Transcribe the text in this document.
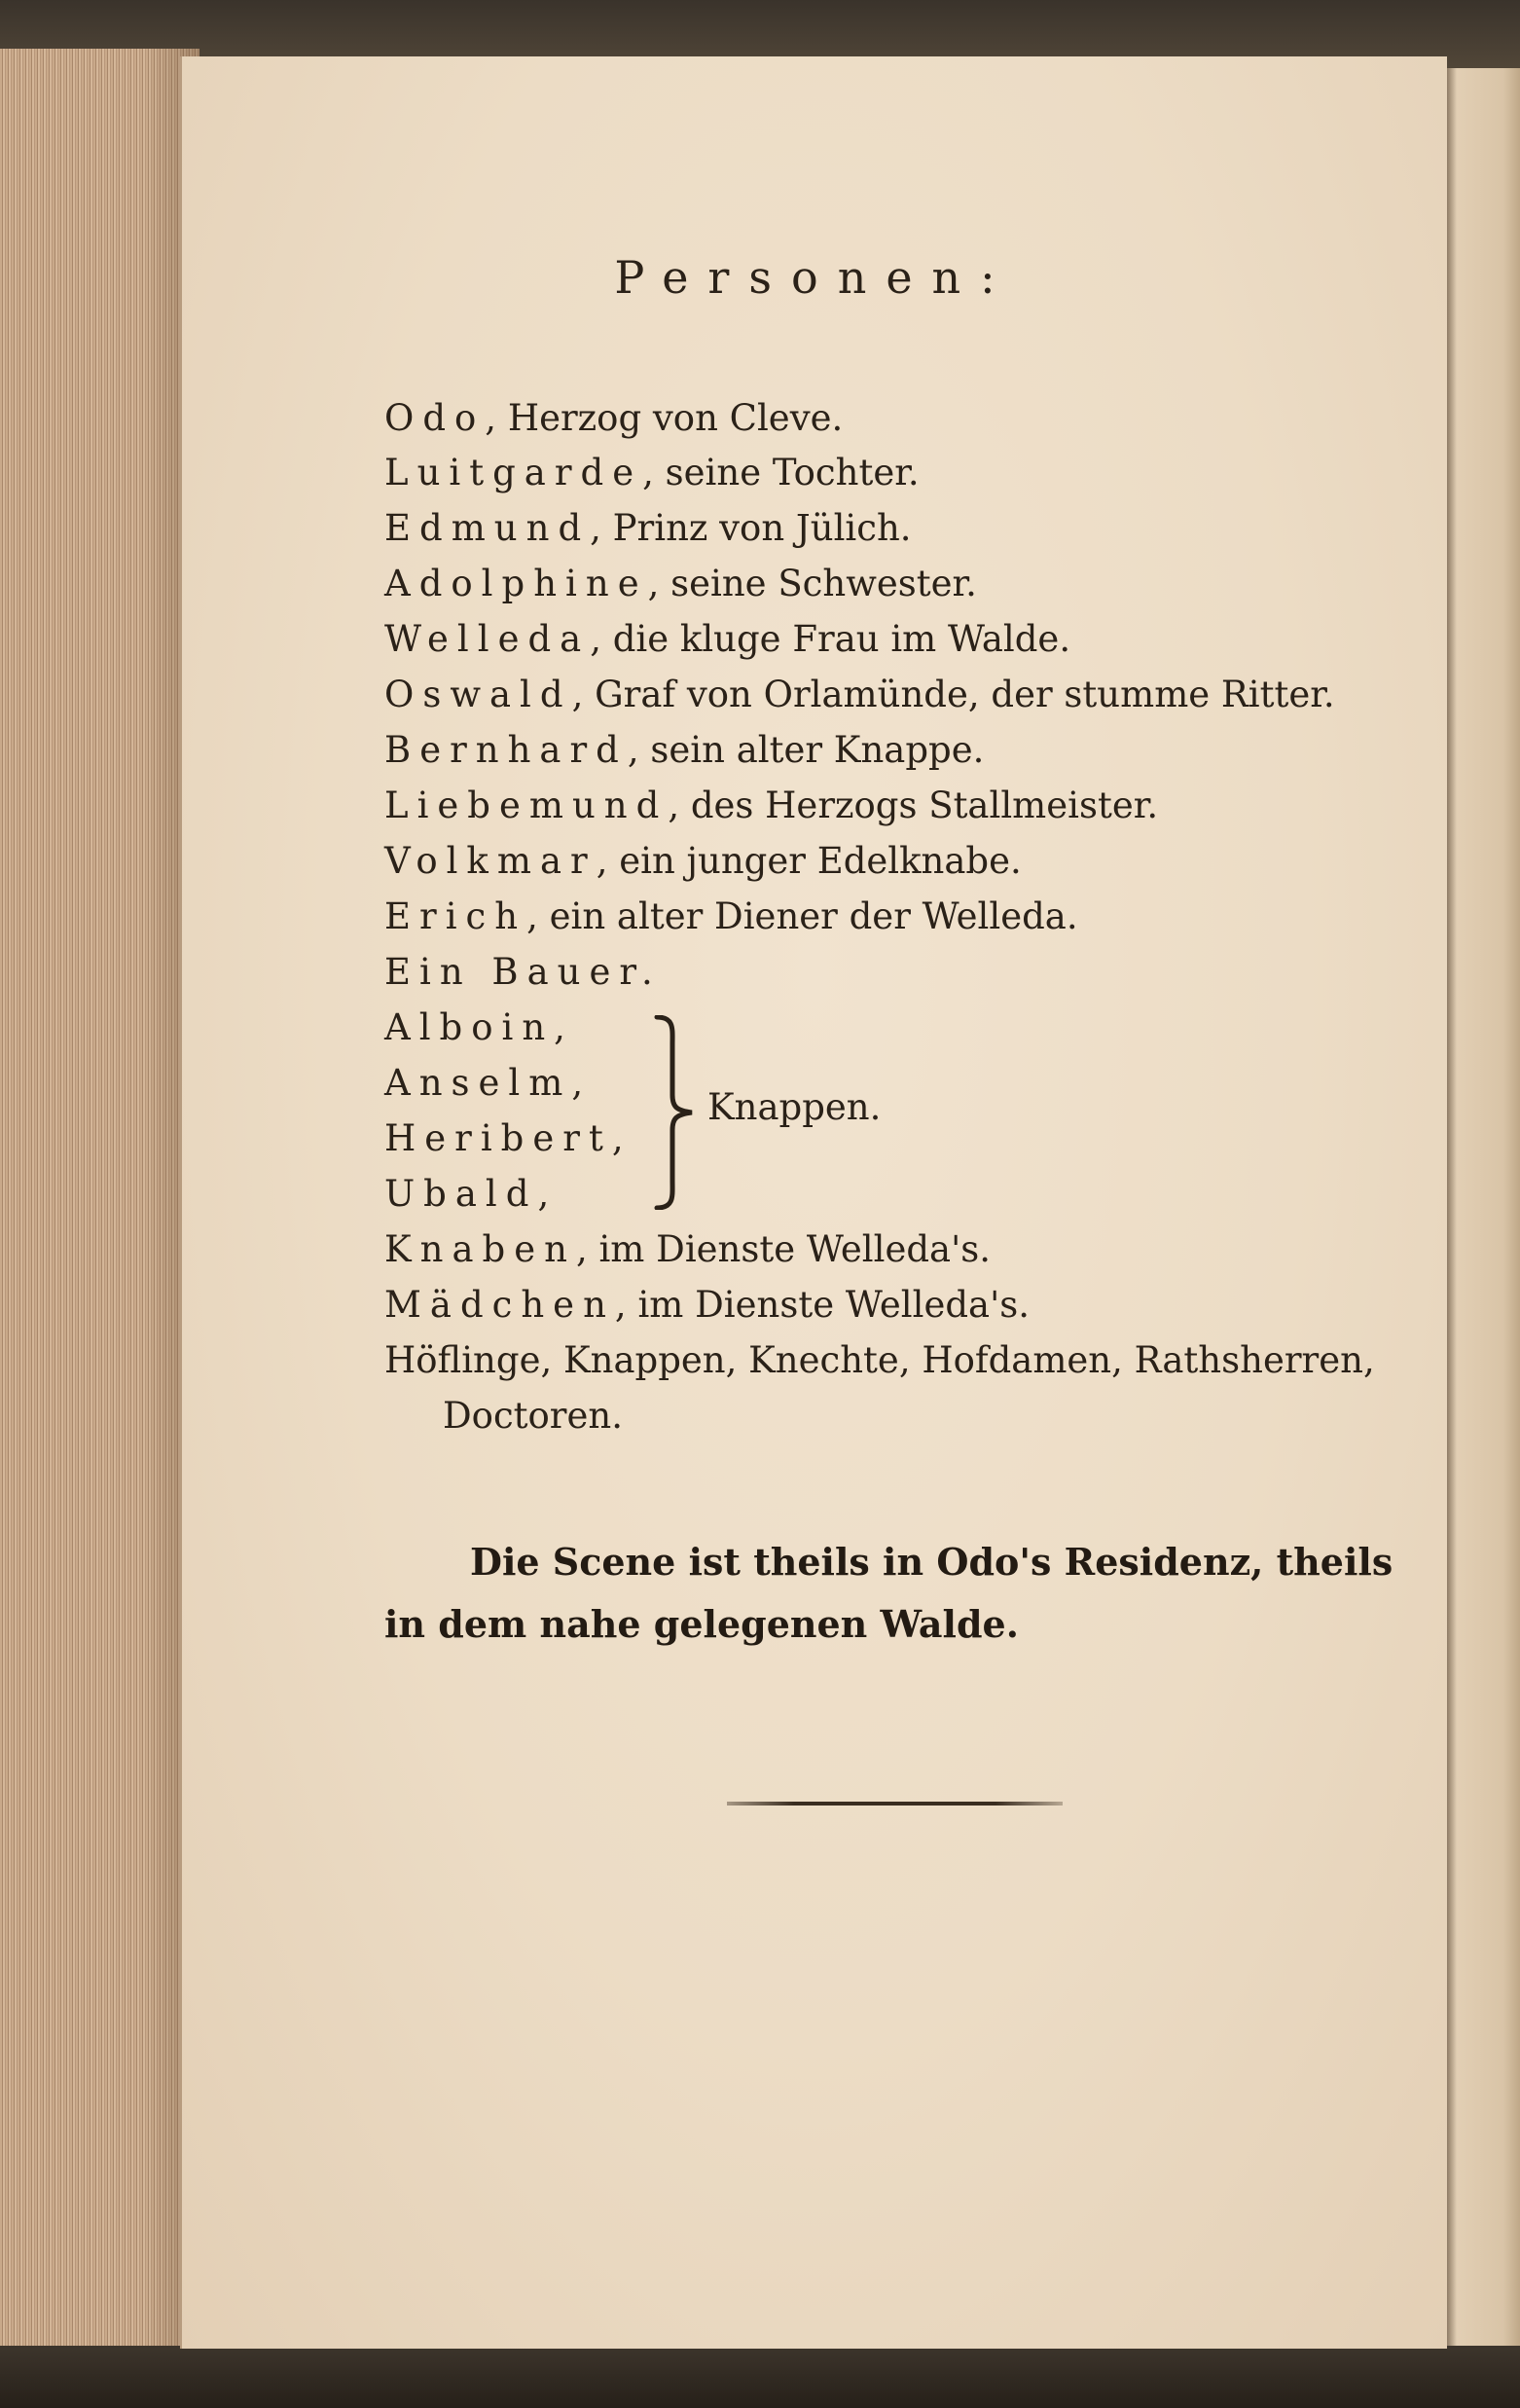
Personen:
Odo, Herzog von Cleve.
Luitgarde, seine Tochter.
Edmund, Prinz von Jülich.
Adolphine, seine Schwester.
Welleda, die kluge Frau im Walde.
Oswald, Graf von Orlamünde, der stumme Ritter.
Bernhard, sein alter Knappe.
Liebemund, des Herzogs Stallmeister.
Volkmar, ein junger Edelknabe.
Erich, ein alter Diener der Welleda.
Ein Bauer.
Alboin,
Anselm,
Heribert,
Ubald,
Knappen.
Knaben, im Dienste Welleda's.
Mädchen, im Dienste Welleda's.
Höflinge, Knappen, Knechte, Hofdamen, Rathsherren,
Doctoren.
Die Scene ist theils in Odo's Residenz, theils in dem nahe gelegenen Walde.
